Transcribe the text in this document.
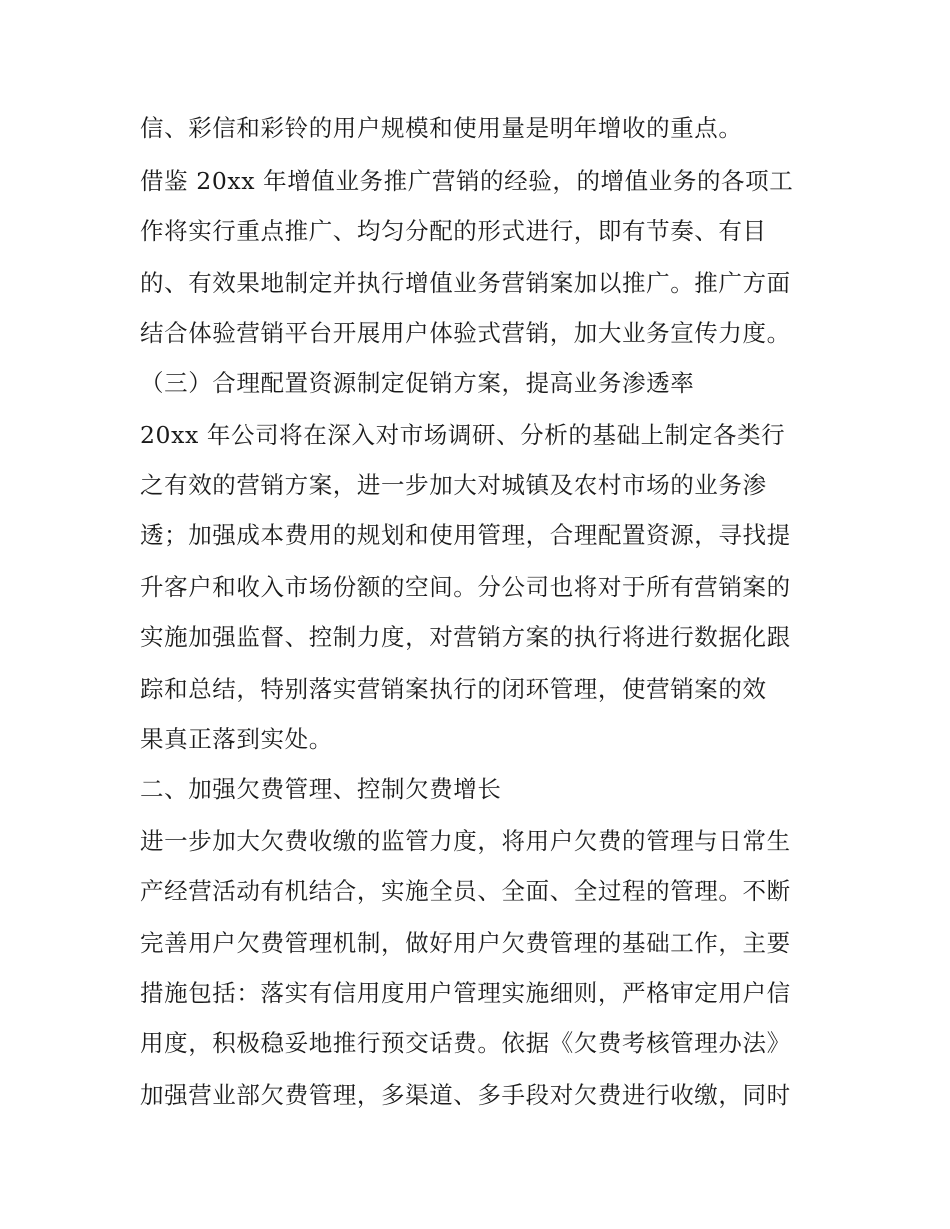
信、彩信和彩铃的用户规模和使用量是明年增收的重点。
借鉴 20xx 年增值业务推广营销的经验，的增值业务的各项工
作将实行重点推广、均匀分配的形式进行，即有节奏、有目
的、有效果地制定并执行增值业务营销案加以推广。推广方面
结合体验营销平台开展用户体验式营销，加大业务宣传力度。
（三）合理配置资源制定促销方案，提高业务渗透率
20xx 年公司将在深入对市场调研、分析的基础上制定各类行
之有效的营销方案，进一步加大对城镇及农村市场的业务渗
透；加强成本费用的规划和使用管理，合理配置资源，寻找提
升客户和收入市场份额的空间。分公司也将对于所有营销案的
实施加强监督、控制力度，对营销方案的执行将进行数据化跟
踪和总结，特别落实营销案执行的闭环管理，使营销案的效
果真正落到实处。
二、加强欠费管理、控制欠费增长
进一步加大欠费收缴的监管力度，将用户欠费的管理与日常生
产经营活动有机结合，实施全员、全面、全过程的管理。不断
完善用户欠费管理机制，做好用户欠费管理的基础工作，主要
措施包括：落实有信用度用户管理实施细则，严格审定用户信
用度，积极稳妥地推行预交话费。依据《欠费考核管理办法》
加强营业部欠费管理，多渠道、多手段对欠费进行收缴，同时
